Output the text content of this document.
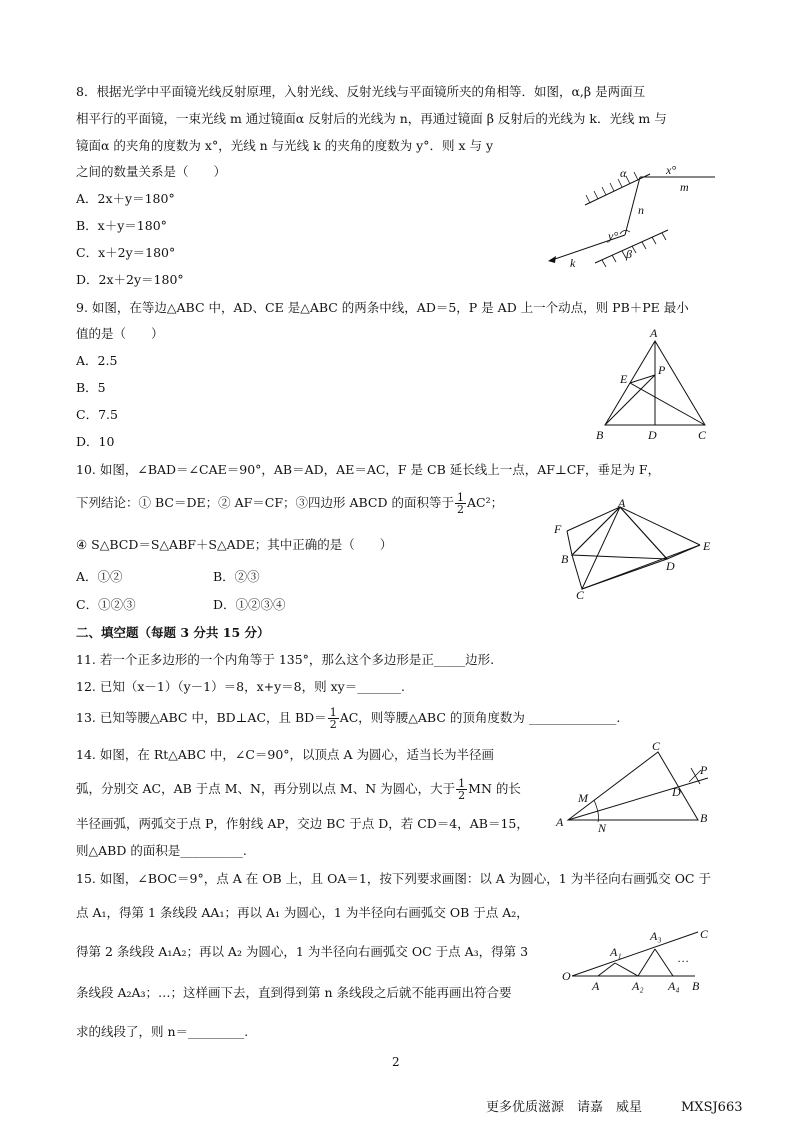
8．根据光学中平面镜光线反射原理，入射光线、反射光线与平面镜所夹的角相等．如图，α,β 是两面互
相平行的平面镜，一束光线 m 通过镜面α 反射后的光线为 n，再通过镜面 β 反射后的光线为 k．光线 m 与
镜面α 的夹角的度数为 x°，光线 n 与光线 k 的夹角的度数为 y°．则 x 与 y
之间的数量关系是（　　）
A．2x＋y＝180°
B．x＋y＝180°
C．x＋2y＝180°
D．2x＋2y＝180°
α	x°
m
n
y°
k
β
9. 如图，在等边△ABC 中，AD、CE 是△ABC 的两条中线，AD＝5，P 是 AD 上一个动点，则 PB＋PE 最小
值的是（　　）
A．2.5
B．5
C．7.5
D．10
A
E
P
B	D	C
10. 如图，∠BAD＝∠CAE＝90°，AB＝AD，AE＝AC，F 是 CB 延长线上一点，AF⊥CF，垂足为 F，
下列结论：① BC＝DE；② AF＝CF；③四边形 ABCD 的面积等于 $\frac{1}{2} AC^2$；
④ S△BCD＝S△ABF＋S△ADE；其中正确的是（　　）
A．①②	B．②③
C．①②③	D．①②③④
A
F
E
B	D
C
二、填空题（每题 3 分共 15 分）
11. 若一个正多边形的一个内角等于 135°，那么这个多边形是正_____边形.
12. 已知（x－1）（y－1）＝8，x+y＝8，则 xy＝_______.
13. 已知等腰△ABC 中，BD⊥AC，且 $BD= \frac{1}{2}$ AC，则等腰△ABC 的顶角度数为 ______________.
14. 如图，在 Rt△ABC 中，∠C＝90°，以顶点 A 为圆心，适当长为半径画
弧，分别交 AC，AB 于点 M、N，再分别以点 M、N 为圆心，大于 $\frac{1}{2}$ MN 的长
半径画弧，两弧交于点 P，作射线 AP，交边 BC 于点 D，若 CD＝4，AB＝15，
则△ABD 的面积是__________.
C
P
M	D
A	N
B
15. 如图，∠BOC＝9°，点 A 在 OB 上，且 OA＝1，按下列要求画图：以 A 为圆心，1 为半径向右画弧交 OC 于
点 A₁，得第 1 条线段 AA₁；再以 A₁ 为圆心，1 为半径向右画弧交 OB 于点 A₂，
得第 2 条线段 A₁A₂；再以 A₂ 为圆心，1 为半径向右画弧交 OC 于点 A₃，得第 3
条线段 A₂A₃；…；这样画下去，直到得到第 n 条线段之后就不能再画出符合要
求的线段了，则 n＝_________.
O
A
A₁
A₃
A₂ A₄
…
C
B
2
更多优质滋源　请嘉　威星　　　MXSJ663
